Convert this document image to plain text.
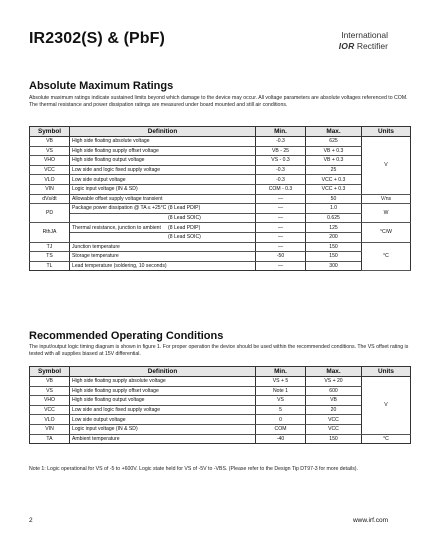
IR2302(S) & (PbF)	International
IOR Rectifier
Absolute Maximum Ratings

Absolute maximum ratings indicate sustained limits beyond which damage to the device may occur. All voltage parameters are absolute voltages referenced to COM. The thermal resistance and power dissipation ratings are measured under board mounted and still air conditions.

Symbol	Definition	Min.	Max.	Units
VB	High side floating absolute voltage	-0.3	625	V
VS	High side floating supply offset voltage	VB - 25	VB + 0.3	
VHO	High side floating output voltage	VS - 0.3	VB + 0.3	
VCC	Low side and logic fixed supply voltage	-0.3	25	
VLO	Low side output voltage	-0.3	VCC + 0.3	
VIN	Logic input voltage (IN & SD)	COM - 0.3	VCC + 0.3	
dVs/dt	Allowable offset supply voltage transient	—	50	V/ns
PD	Package power dissipation @ TA ≤ +25°C (8 Lead PDIP)	—	1.0	W
	(8 Lead SOIC)	—	0.625	
RthJA	Thermal resistance, junction to ambient (8 Lead PDIP)	—	125	°C/W
	(8 Lead SOIC)	—	200	
TJ	Junction temperature	—	150	°C
TS	Storage temperature	-50	150	
TL	Lead temperature (soldering, 10 seconds)	—	300	
Recommended Operating Conditions

The input/output logic timing diagram is shown in figure 1. For proper operation the device should be used within the recommended conditions. The VS offset rating is tested with all supplies biased at 15V differential.

Symbol	Definition	Min.	Max.	Units
VB	High side floating supply absolute voltage	VS + 5	VS + 20	V
VS	High side floating supply offset voltage	Note 1	600	
VHO	High side floating output voltage	VS	VB	
VCC	Low side and logic fixed supply voltage	5	20	
VLO	Low side output voltage	0	VCC	
VIN	Logic input voltage (IN & SD)	COM	VCC	
TA	Ambient temperature	-40	150	°C

Note 1: Logic operational for VS of -5 to +600V. Logic state held for VS of -5V to -VBS. (Please refer to the Design Tip DT97-3 for more details).

2	www.irf.com
